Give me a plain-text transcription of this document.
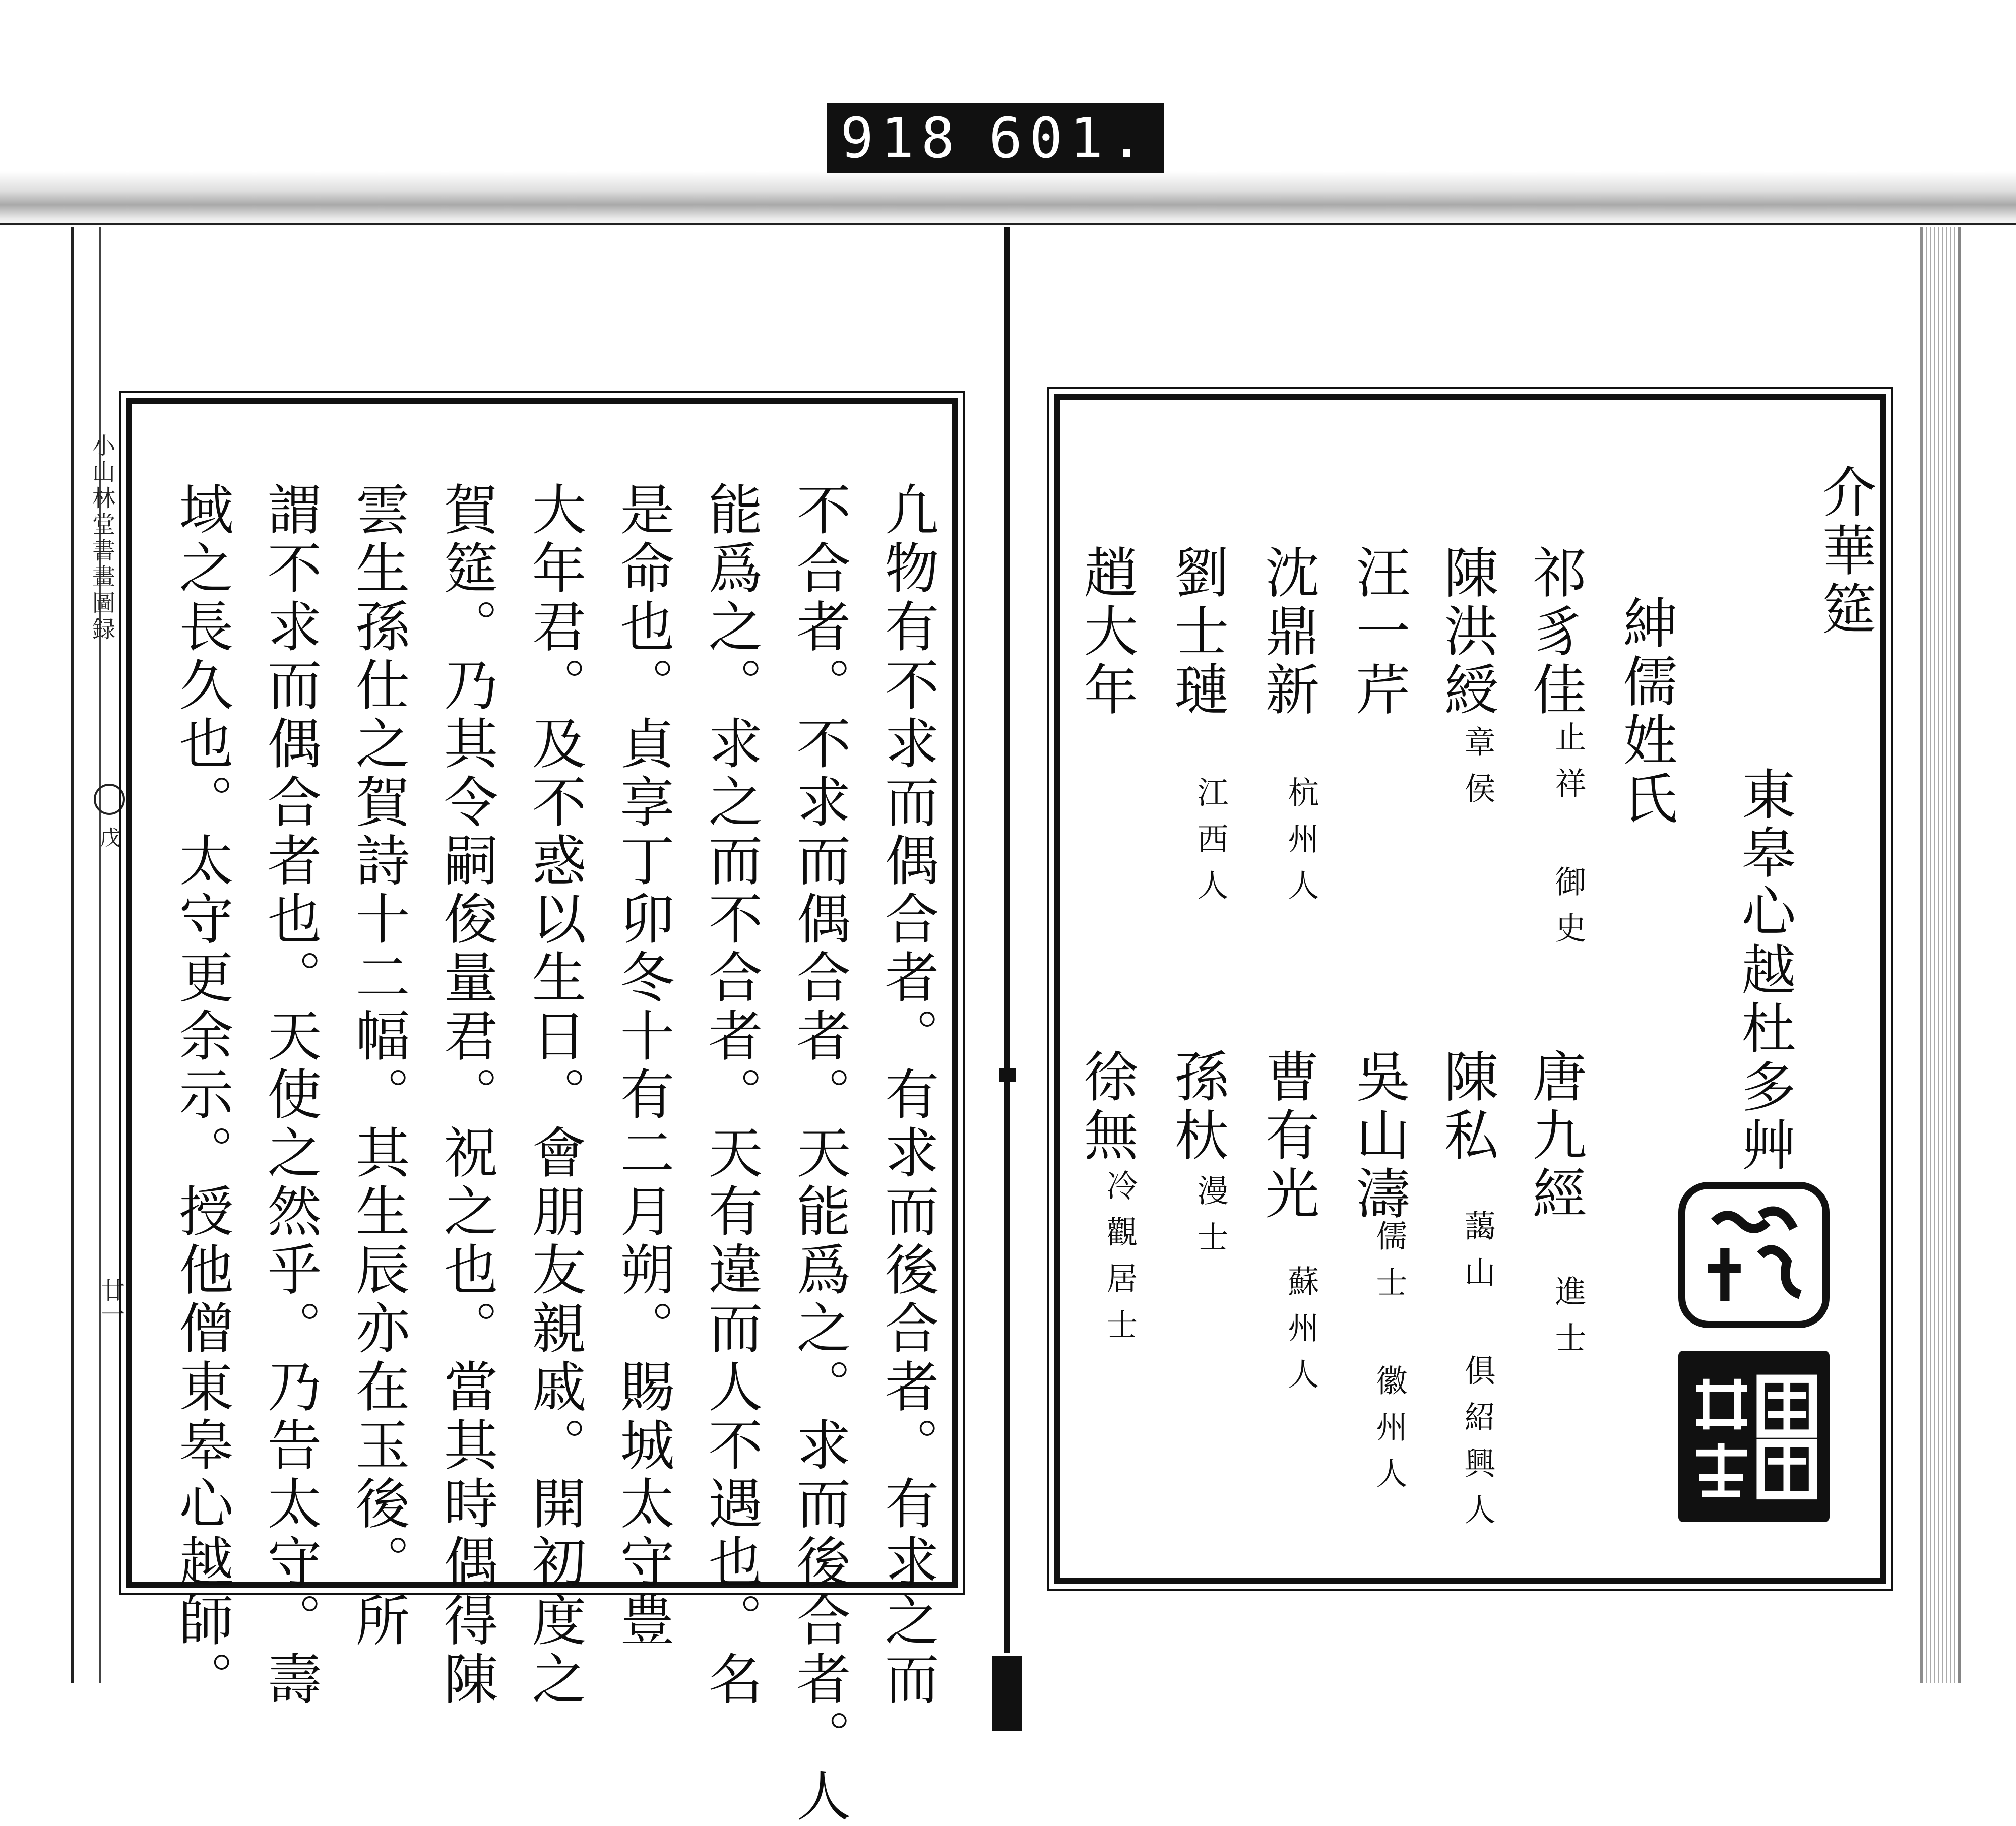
918 601.
小山林堂書畫圖録
戊
廿一	凢物有不求而偶合者。有求而後合者。有求之而
不合者。不求而偶合者。天能爲之。求而後合者。人
能爲之。求之而不合者。天有違而人不遇也。名
是命也。貞享丁卯冬十有二月朔。賜城太守豊
大年君。及不惑以生日。會朋友親戚。開初度之
賀筵。乃其令嗣俊量君。祝之也。當其時偶得陳
雲生孫仕之賀詩十二幅。其生辰亦在玉後。所
謂不求而偶合者也。天使之然乎。乃告太守。壽
域之長久也。太守更余示。授他僧東皋心越師。	介華筵
東皋心越杜多艸
紳儒姓氏
祁豸佳
止祥 御史
陳洪綬
章侯
汪一芹
沈鼎新
杭州人
劉士璉
江西人
趙大年
唐九經
進士
陳私
藹山 俱紹興人
吳山濤
儒士 徽州人
曹有光
蘇州人
孫杕
漫士
徐無
冷觀居士
